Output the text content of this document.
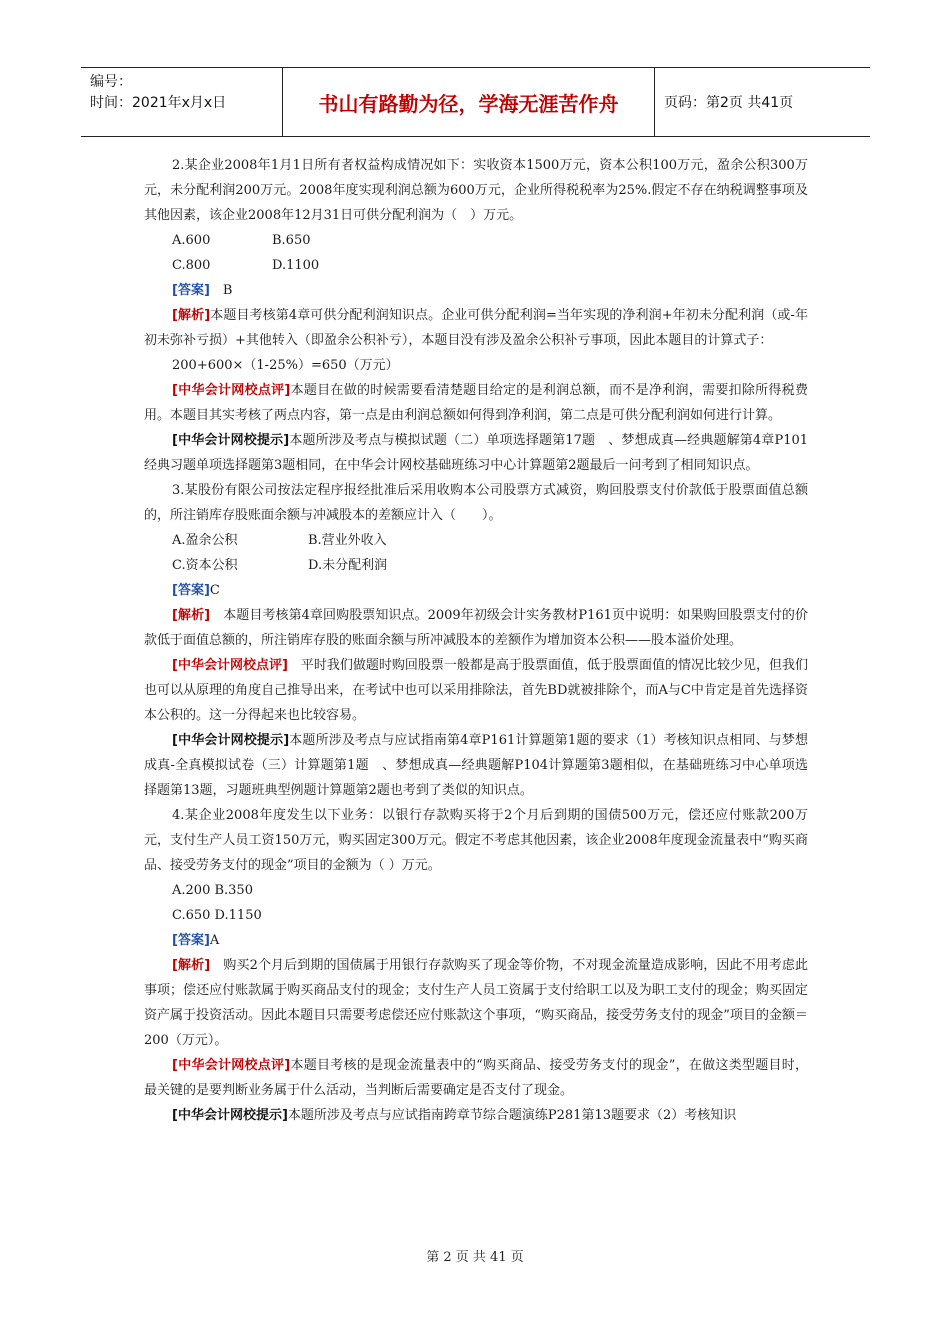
编号：
时间：2021年x月x日	书山有路勤为径，学海无涯苦作舟	页码：第2页 共41页

2.某企业2008年1月1日所有者权益构成情况如下：实收资本1500万元，资本公积100万元，盈余公积300万元，未分配利润200万元。2008年度实现利润总额为600万元，企业所得税税率为25%.假定不存在纳税调整事项及其他因素，该企业2008年12月31日可供分配利润为（　）万元。

A.600	B.650
C.800	D.1100

[答案]　B

[解析]本题目考核第4章可供分配利润知识点。企业可供分配利润=当年实现的净利润+年初未分配利润（或-年初未弥补亏损）+其他转入（即盈余公积补亏），本题目没有涉及盈余公积补亏事项，因此本题目的计算式子：

200+600×（1-25%）=650（万元）

[中华会计网校点评]本题目在做的时候需要看清楚题目给定的是利润总额，而不是净利润，需要扣除所得税费用。本题目其实考核了两点内容，第一点是由利润总额如何得到净利润，第二点是可供分配利润如何进行计算。

[中华会计网校提示]本题所涉及考点与模拟试题（二）单项选择题第17题　、梦想成真—经典题解第4章P101经典习题单项选择题第3题相同，在中华会计网校基础班练习中心计算题第2题最后一问考到了相同知识点。

3.某股份有限公司按法定程序报经批准后采用收购本公司股票方式减资，购回股票支付价款低于股票面值总额的，所注销库存股账面余额与冲减股本的差额应计入（　　）。

A.盈余公积	B.营业外收入
C.资本公积	D.未分配利润

[答案]C

[解析]　本题目考核第4章回购股票知识点。2009年初级会计实务教材P161页中说明：如果购回股票支付的价款低于面值总额的，所注销库存股的账面余额与所冲减股本的差额作为增加资本公积——股本溢价处理。

[中华会计网校点评]　平时我们做题时购回股票一般都是高于股票面值，低于股票面值的情况比较少见，但我们也可以从原理的角度自己推导出来，在考试中也可以采用排除法，首先BD就被排除个，而A与C中肯定是首先选择资本公积的。这一分得起来也比较容易。

[中华会计网校提示]本题所涉及考点与应试指南第4章P161计算题第1题的要求（1）考核知识点相同、与梦想成真-全真模拟试卷（三）计算题第1题　、梦想成真—经典题解P104计算题第3题相似，在基础班练习中心单项选择题第13题，习题班典型例题计算题第2题也考到了类似的知识点。

4.某企业2008年度发生以下业务：以银行存款购买将于2个月后到期的国债500万元，偿还应付账款200万元，支付生产人员工资150万元，购买固定300万元。假定不考虑其他因素，该企业2008年度现金流量表中“购买商品、接受劳务支付的现金”项目的金额为（ ）万元。

A.200 B.350
C.650 D.1150

[答案]A

[解析]　购买2个月后到期的国债属于用银行存款购买了现金等价物，不对现金流量造成影响，因此不用考虑此事项；偿还应付账款属于购买商品支付的现金；支付生产人员工资属于支付给职工以及为职工支付的现金；购买固定资产属于投资活动。因此本题目只需要考虑偿还应付账款这个事项，“购买商品，接受劳务支付的现金”项目的金额＝200（万元）。

[中华会计网校点评]本题目考核的是现金流量表中的“购买商品、接受劳务支付的现金”，在做这类型题目时，最关键的是要判断业务属于什么活动，当判断后需要确定是否支付了现金。

[中华会计网校提示]本题所涉及考点与应试指南跨章节综合题演练P281第13题要求（2）考核知识

第 2 页 共 41 页
